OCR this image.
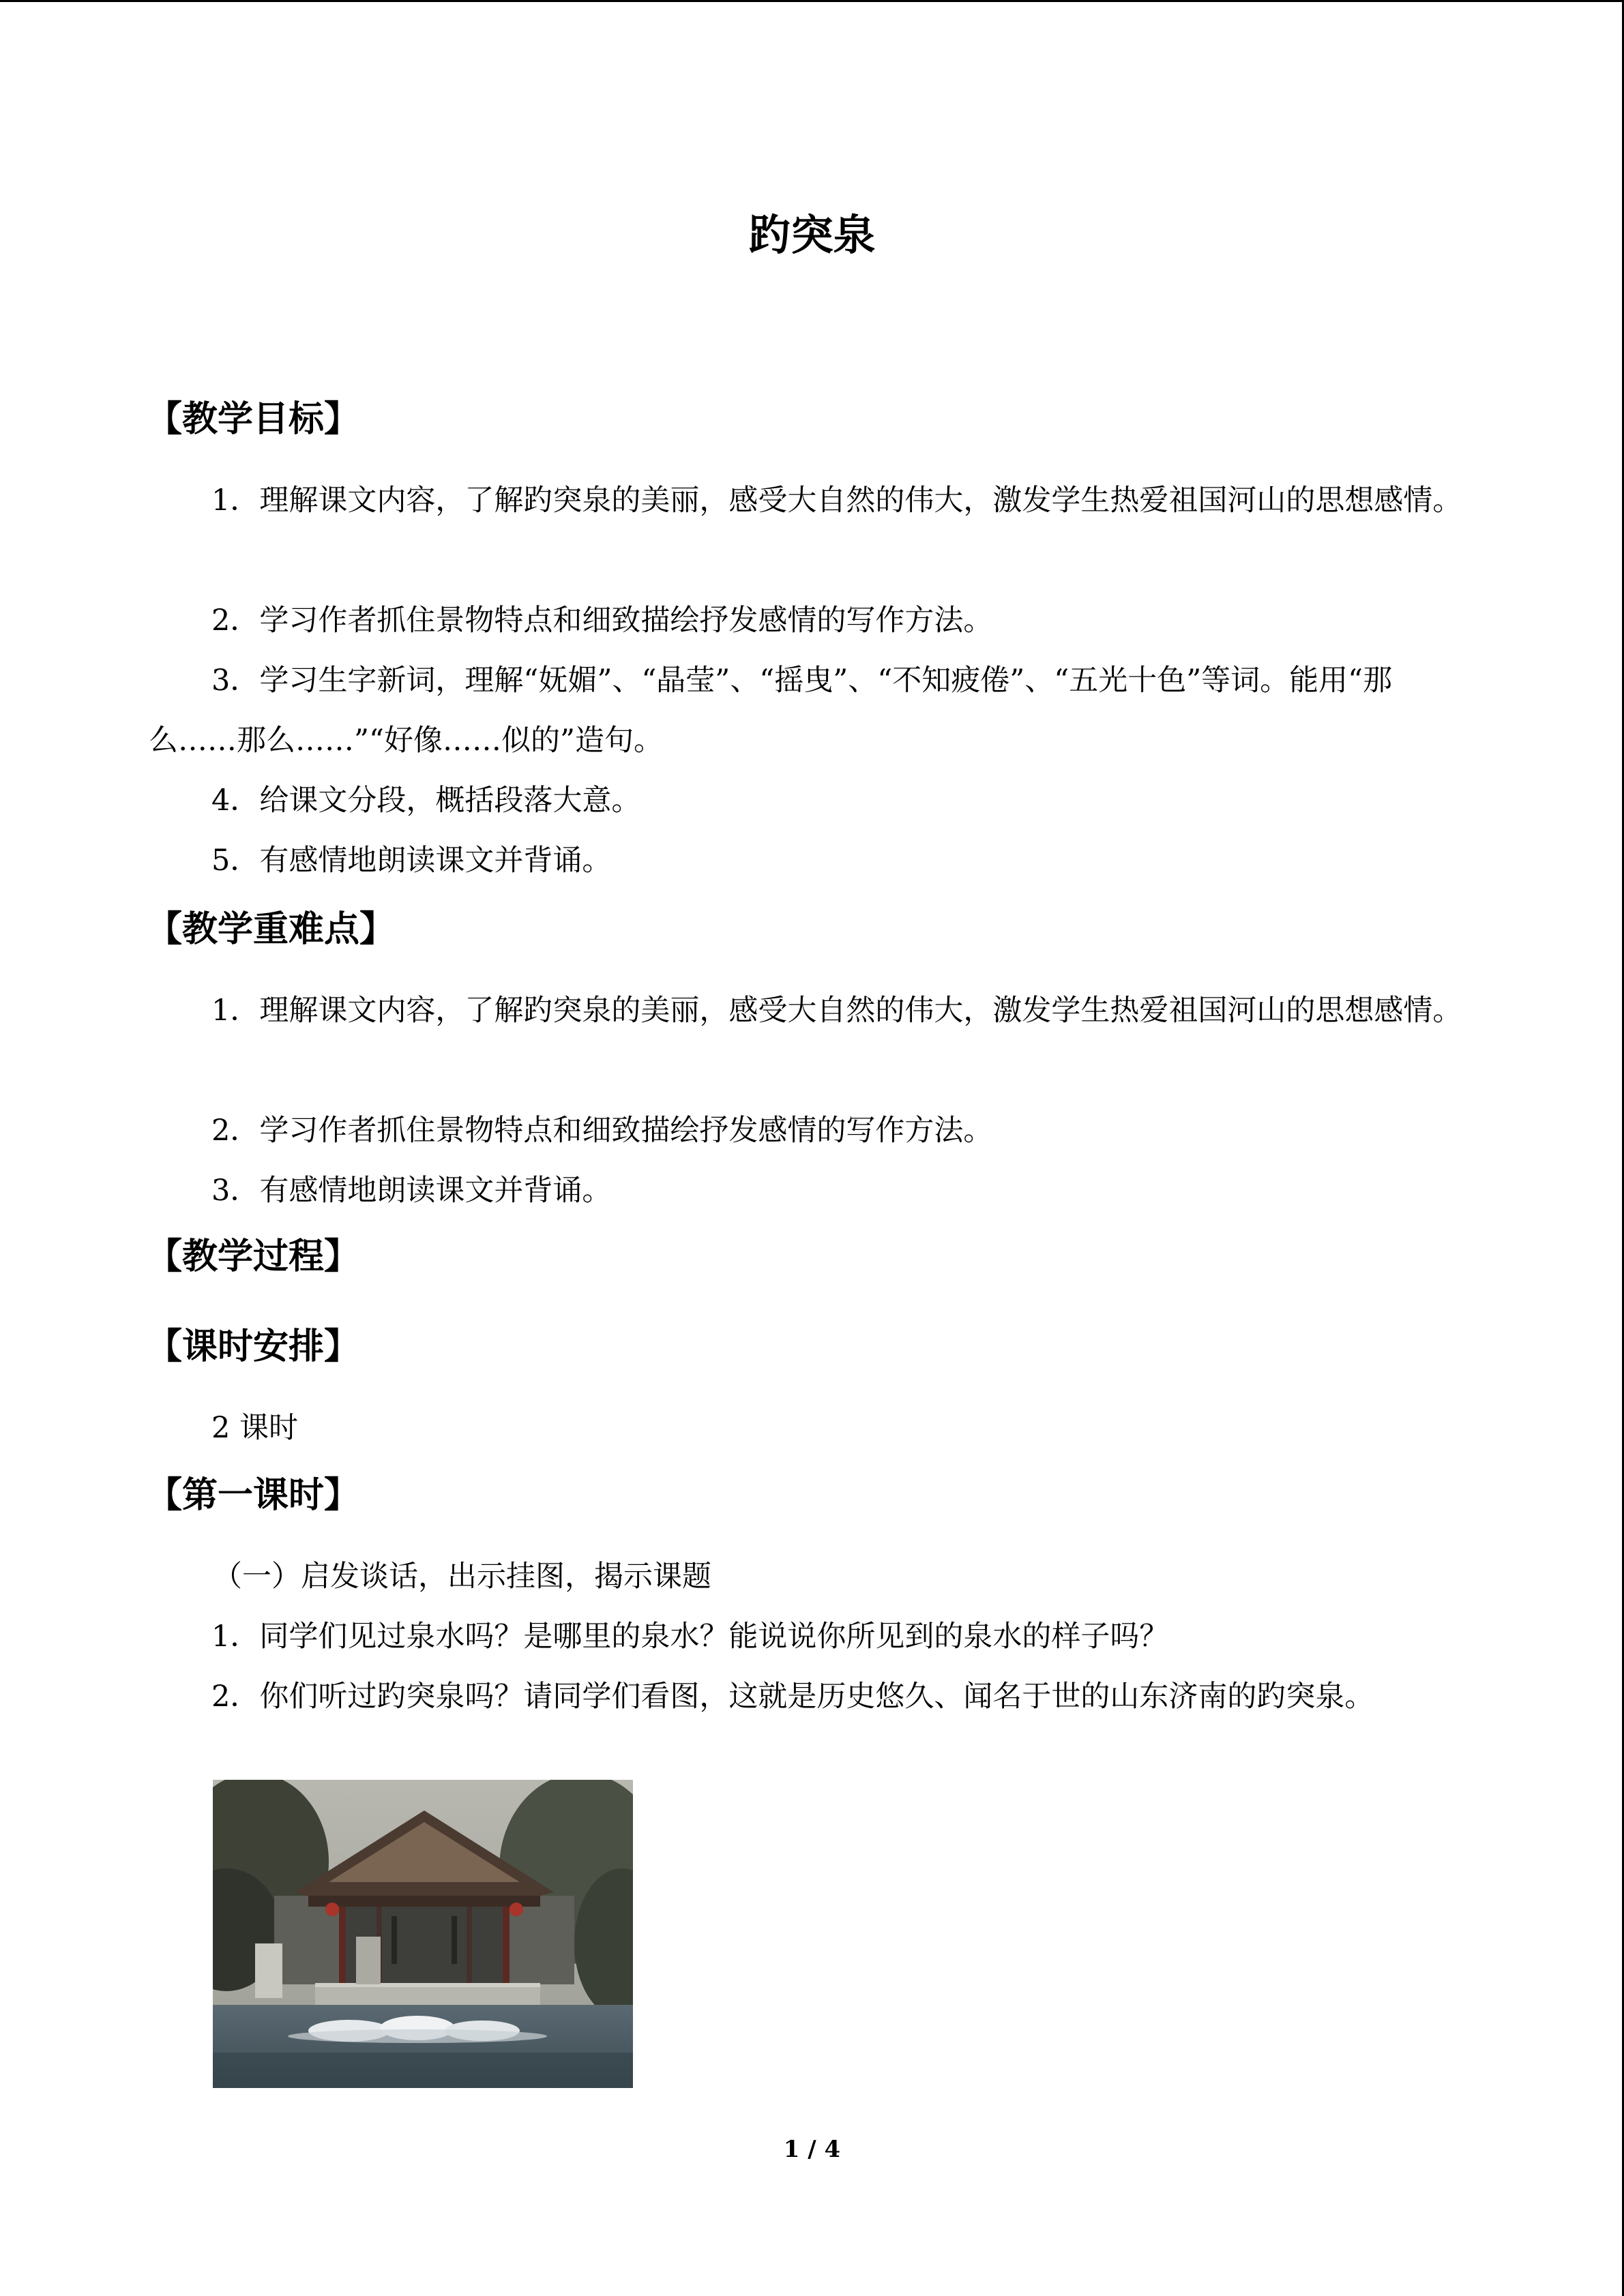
趵突泉
【教学目标】
1．理解课文内容，了解趵突泉的美丽，感受大自然的伟大，激发学生热爱祖国河山的思想感情。
2．学习作者抓住景物特点和细致描绘抒发感情的写作方法。
3．学习生字新词，理解“妩媚”、“晶莹”、“摇曳”、“不知疲倦”、“五光十色”等词。能用“那么……那么……”“好像……似的”造句。
4．给课文分段，概括段落大意。
5．有感情地朗读课文并背诵。
【教学重难点】
1．理解课文内容，了解趵突泉的美丽，感受大自然的伟大，激发学生热爱祖国河山的思想感情。
2．学习作者抓住景物特点和细致描绘抒发感情的写作方法。
3．有感情地朗读课文并背诵。
【教学过程】
【课时安排】
2 课时
【第一课时】
（一）启发谈话，出示挂图，揭示课题
1．同学们见过泉水吗？是哪里的泉水？能说说你所见到的泉水的样子吗？
2．你们听过趵突泉吗？请同学们看图，这就是历史悠久、闻名于世的山东济南的趵突泉。
1 / 4
